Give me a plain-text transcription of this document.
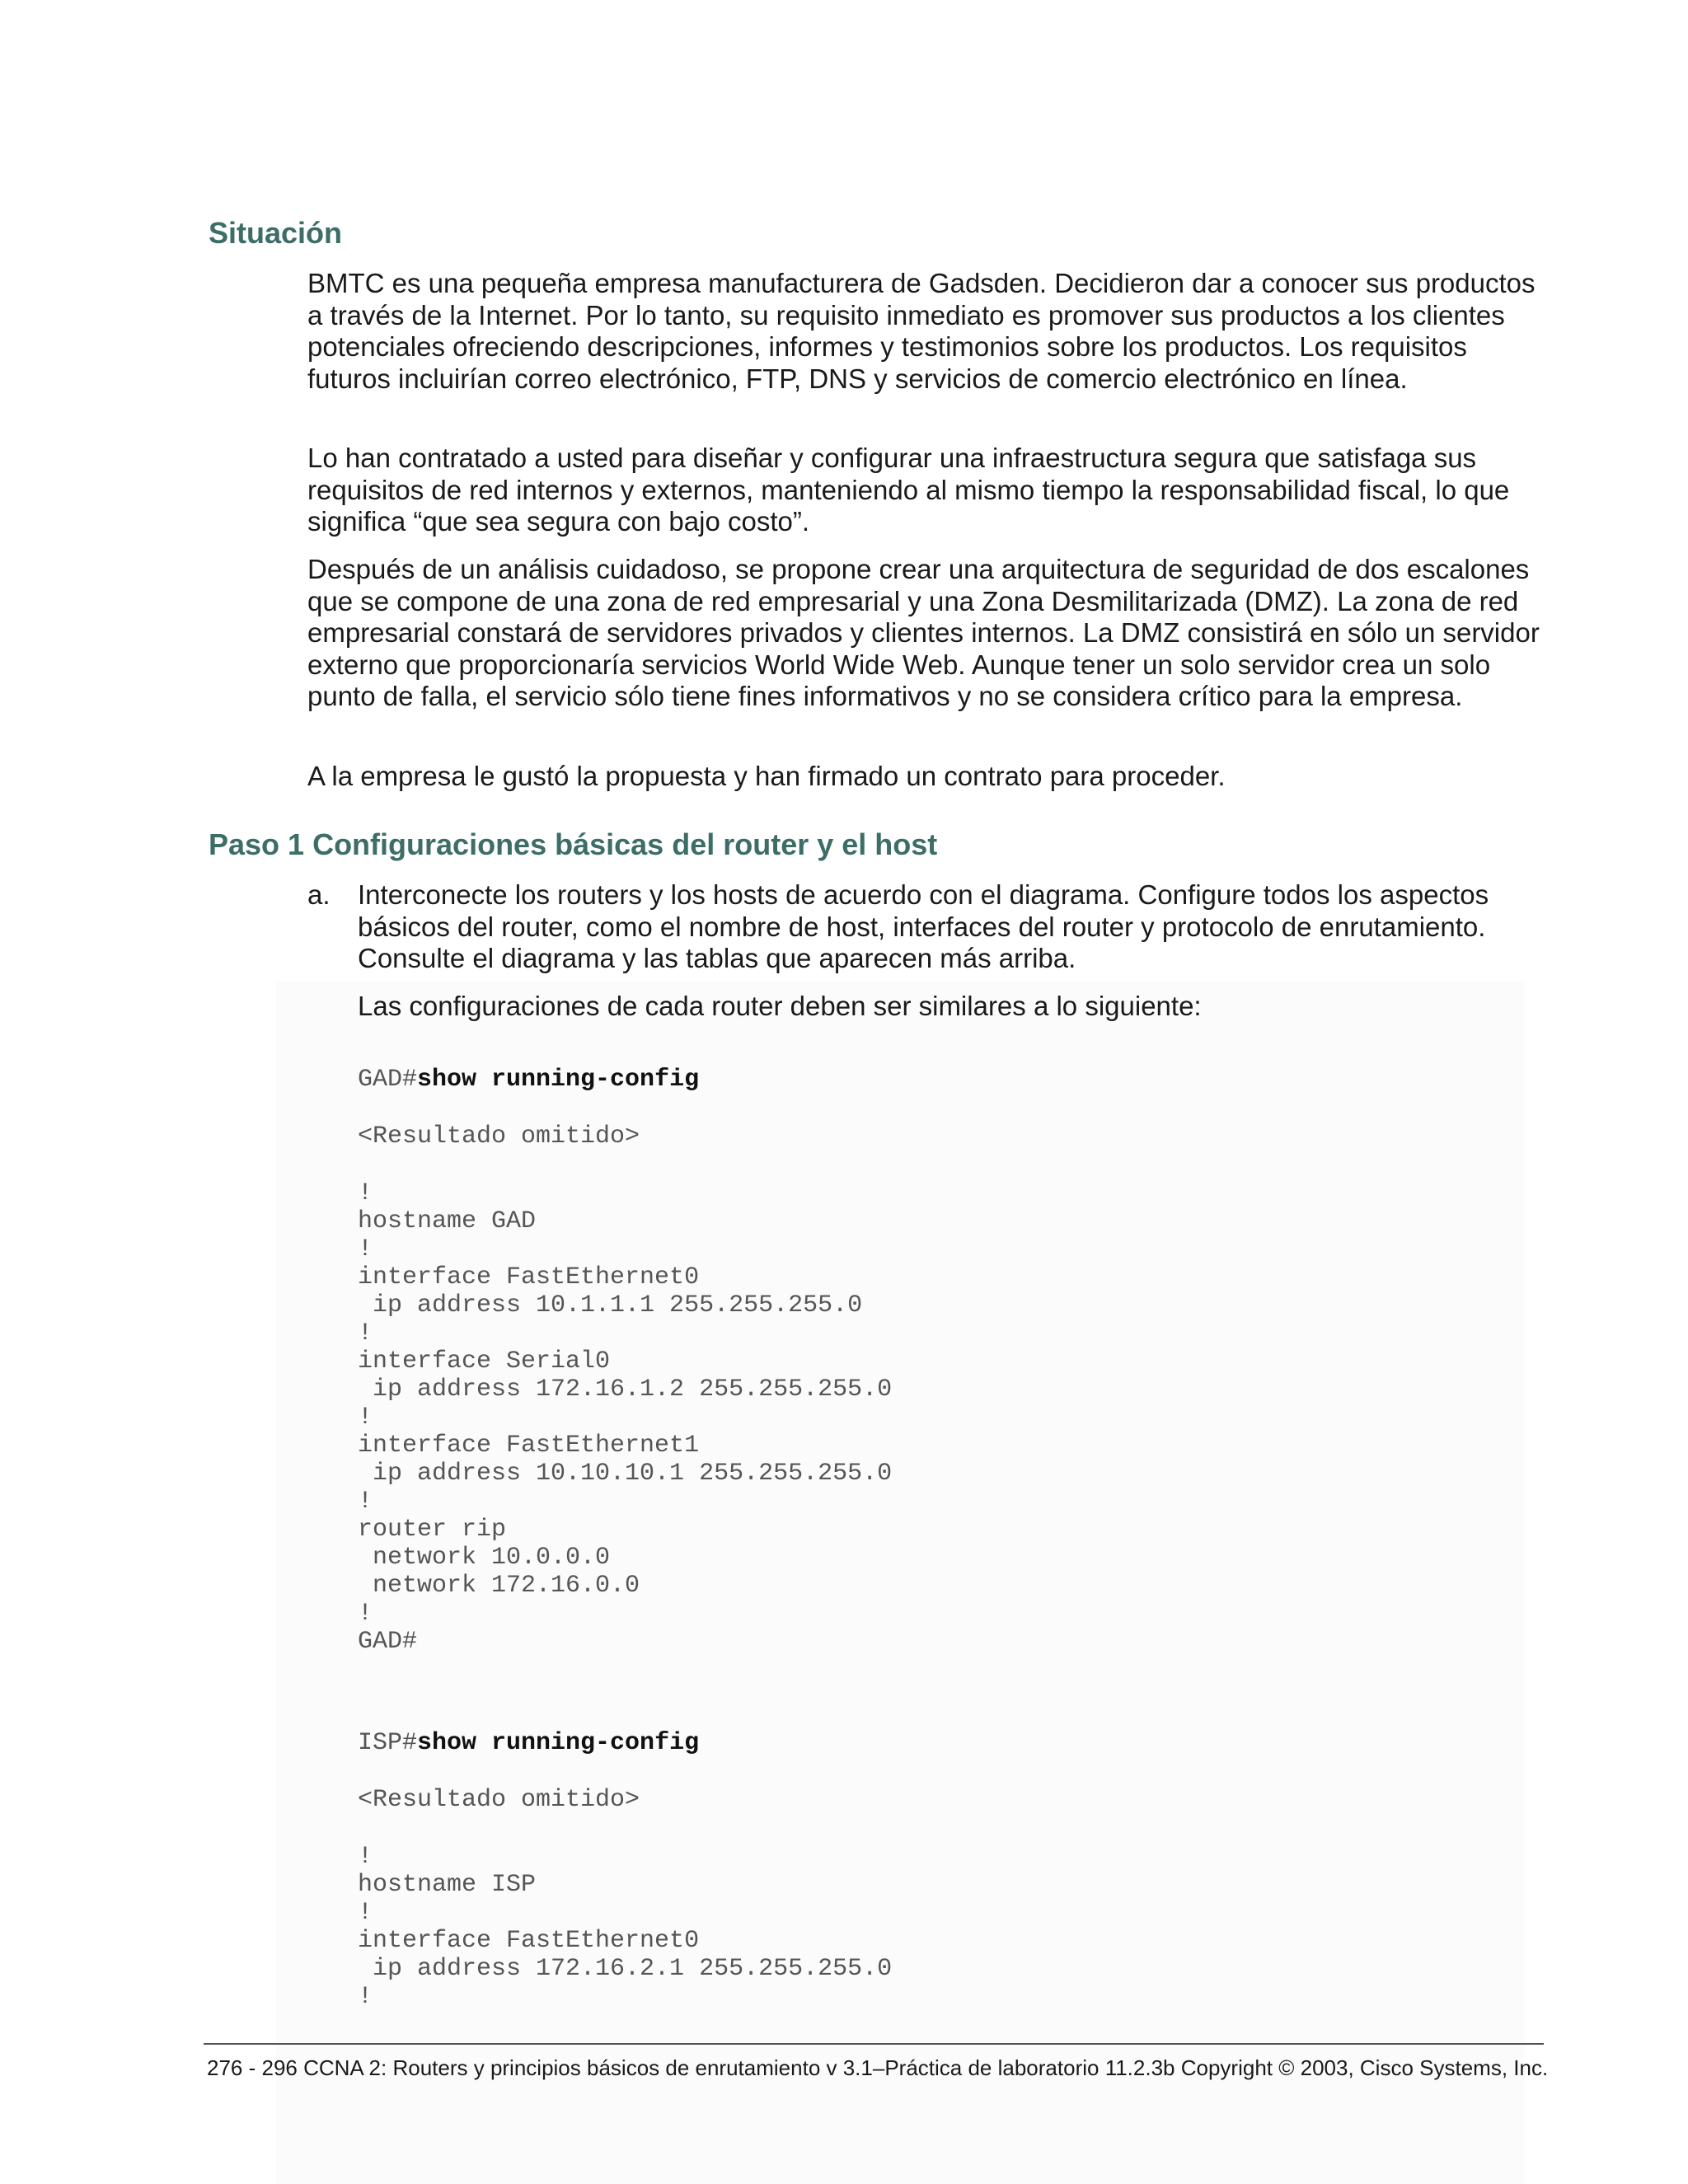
Situación

BMTC es una pequeña empresa manufacturera de Gadsden. Decidieron dar a conocer sus productos a través de la Internet. Por lo tanto, su requisito inmediato es promover sus productos a los clientes potenciales ofreciendo descripciones, informes y testimonios sobre los productos. Los requisitos futuros incluirían correo electrónico, FTP, DNS y servicios de comercio electrónico en línea.

Lo han contratado a usted para diseñar y configurar una infraestructura segura que satisfaga sus requisitos de red internos y externos, manteniendo al mismo tiempo la responsabilidad fiscal, lo que significa “que sea segura con bajo costo”.

Después de un análisis cuidadoso, se propone crear una arquitectura de seguridad de dos escalones que se compone de una zona de red empresarial y una Zona Desmilitarizada (DMZ). La zona de red empresarial constará de servidores privados y clientes internos. La DMZ consistirá en sólo un servidor externo que proporcionaría servicios World Wide Web. Aunque tener un solo servidor crea un solo punto de falla, el servicio sólo tiene fines informativos y no se considera crítico para la empresa.

A la empresa le gustó la propuesta y han firmado un contrato para proceder.

Paso 1 Configuraciones básicas del router y el host

a. Interconecte los routers y los hosts de acuerdo con el diagrama. Configure todos los aspectos básicos del router, como el nombre de host, interfaces del router y protocolo de enrutamiento. Consulte el diagrama y las tablas que aparecen más arriba.

Las configuraciones de cada router deben ser similares a lo siguiente:

GAD#show running-config
<Resultado omitido>
!
hostname GAD
!
interface FastEthernet0
ip address 10.1.1.1 255.255.255.0
!
interface Serial0
ip address 172.16.1.2 255.255.255.0
!
interface FastEthernet1
ip address 10.10.10.1 255.255.255.0
!
router rip
network 10.0.0.0
network 172.16.0.0
!
GAD#
ISP#show running-config
<Resultado omitido>
!
hostname ISP
!
interface FastEthernet0
ip address 172.16.2.1 255.255.255.0
!

276 - 296 CCNA 2: Routers y principios básicos de enrutamiento v 3.1–Práctica de laboratorio 11.2.3b Copyright © 2003, Cisco Systems, Inc.
